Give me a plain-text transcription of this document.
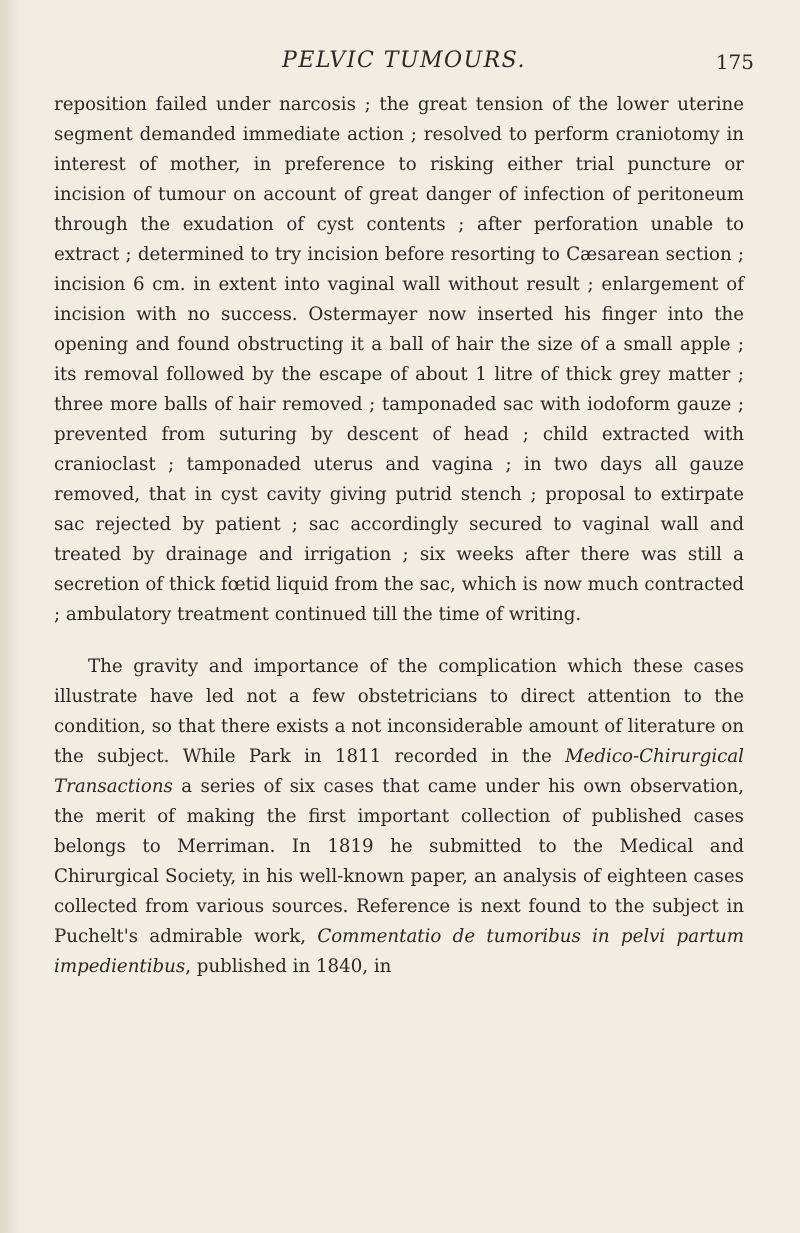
PELVIC TUMOURS.	175

reposition failed under narcosis ; the great tension of the lower uterine segment demanded immediate action ; resolved to perform craniotomy in interest of mother, in preference to risking either trial puncture or incision of tumour on account of great danger of infection of peritoneum through the exudation of cyst contents ; after perforation unable to extract ; determined to try incision before resorting to Cæsarean section ; incision 6 cm. in extent into vaginal wall without result ; enlargement of incision with no success. Ostermayer now inserted his finger into the opening and found obstructing it a ball of hair the size of a small apple ; its removal followed by the escape of about 1 litre of thick grey matter ; three more balls of hair removed ; tamponaded sac with iodoform gauze ; prevented from suturing by descent of head ; child extracted with cranioclast ; tamponaded uterus and vagina ; in two days all gauze removed, that in cyst cavity giving putrid stench ; proposal to extirpate sac rejected by patient ; sac accordingly secured to vaginal wall and treated by drainage and irrigation ; six weeks after there was still a secretion of thick fœtid liquid from the sac, which is now much contracted ; ambulatory treatment continued till the time of writing.

The gravity and importance of the complication which these cases illustrate have led not a few obstetricians to direct attention to the condition, so that there exists a not inconsiderable amount of literature on the subject. While Park in 1811 recorded in the Medico-Chirurgical Transactions a series of six cases that came under his own observation, the merit of making the first important collection of published cases belongs to Merriman. In 1819 he submitted to the Medical and Chirurgical Society, in his well-known paper, an analysis of eighteen cases collected from various sources. Reference is next found to the subject in Puchelt's admirable work, Commentatio de tumoribus in pelvi partum impedientibus, published in 1840, in
